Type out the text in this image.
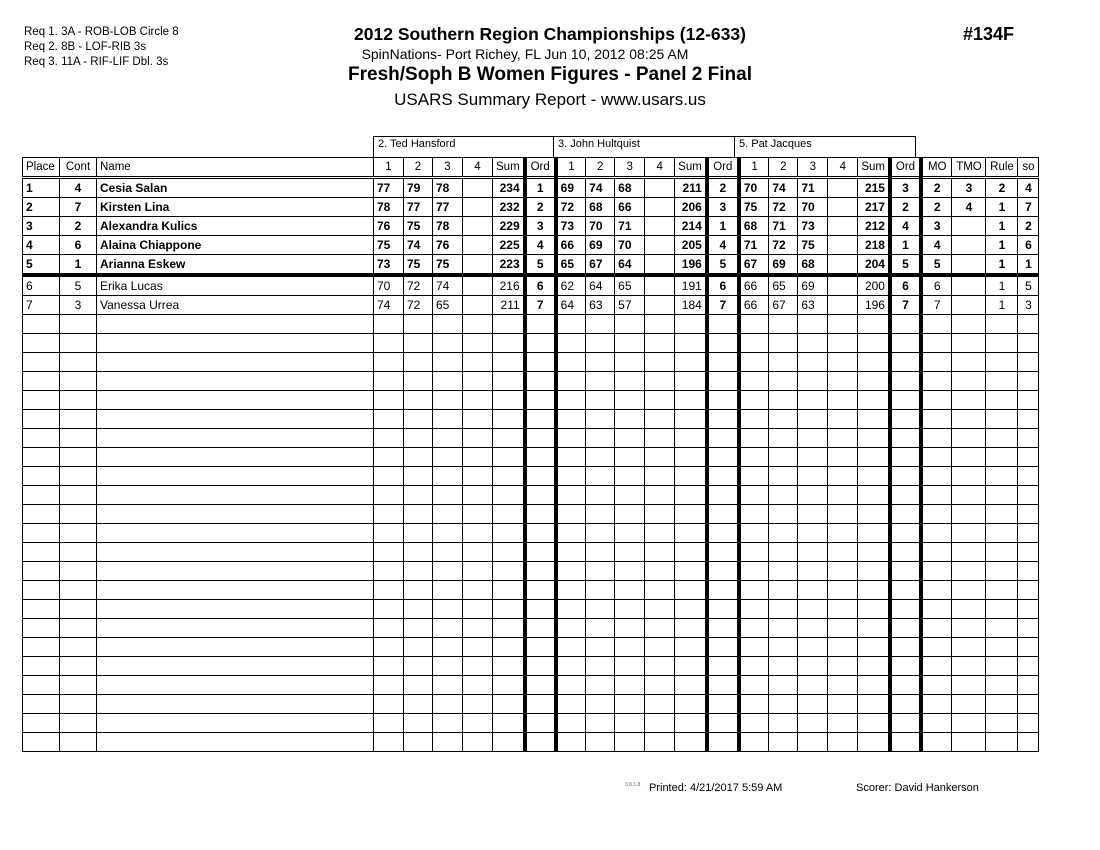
Req 1. 3A - ROB-LOB Circle 8
Req 2. 8B - LOF-RIB 3s
Req 3. 11A - RIF-LIF Dbl. 3s
2012 Southern Region Championships (12-633)
SpinNations- Port Richey, FL Jun 10, 2012 08:25 AM
Fresh/Soph B Women Figures - Panel 2 Final
USARS Summary Report - www.usars.us
#134F
2. Ted Hansford	3. John Hultquist	5. Pat Jacques
Place	Cont	Name	1	2	3	4	Sum	Ord	1	2	3	4	Sum	Ord	1	2	3	4	Sum	Ord	MO	TMO	Rule	so
1	4	Cesia Salan	77	79	78		234	1	69	74	68		211	2	70	74	71		215	3	2	3	2	4
2	7	Kirsten Lina	78	77	77		232	2	72	68	66		206	3	75	72	70		217	2	2	4	1	7
3	2	Alexandra Kulics	76	75	78		229	3	73	70	71		214	1	68	71	73		212	4	3		1	2
4	6	Alaina Chiappone	75	74	76		225	4	66	69	70		205	4	71	72	75		218	1	4		1	6
5	1	Arianna Eskew	73	75	75		223	5	65	67	64		196	5	67	69	68		204	5	5		1	1
6	5	Erika Lucas	70	72	74		216	6	62	64	65		191	6	66	65	69		200	6	6		1	5
7	3	Vanessa Urrea	74	72	65		211	7	64	63	57		184	7	66	67	63		196	7	7		1	3

3.8.1.8 Printed: 4/21/2017 5:59 AM	Scorer: David Hankerson
